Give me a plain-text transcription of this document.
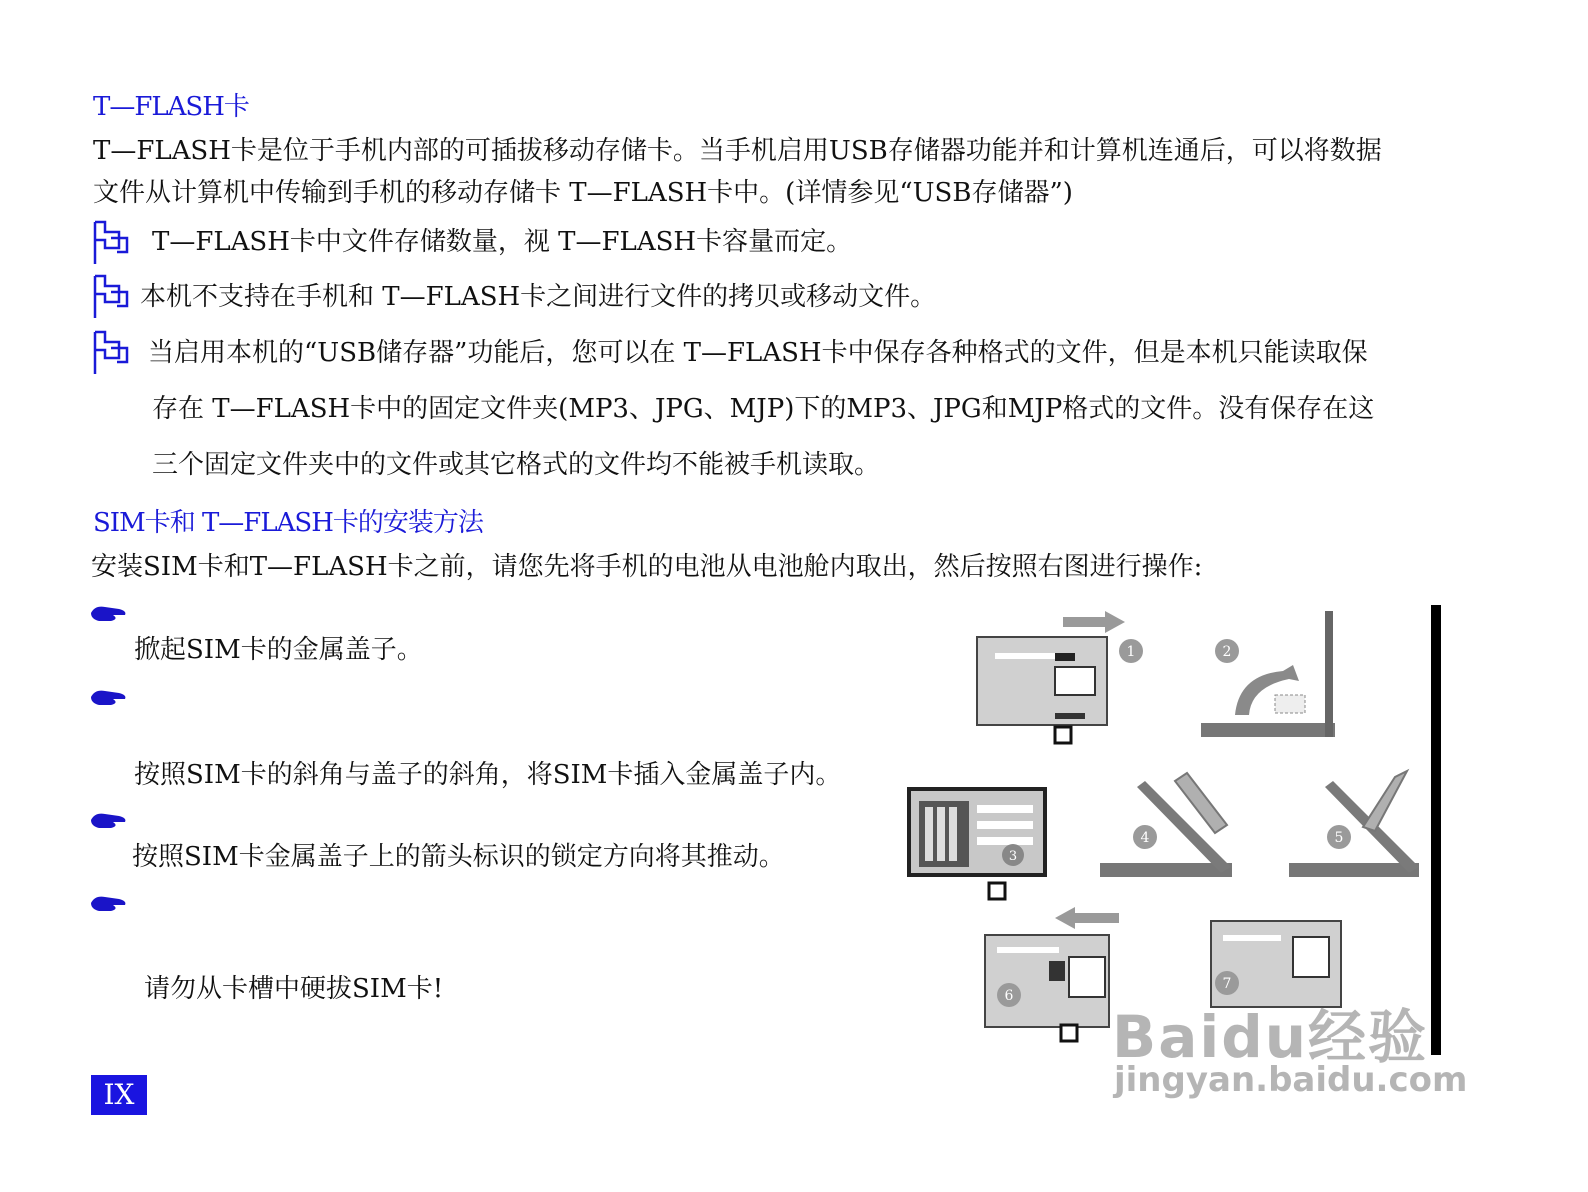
T—FLASH卡
T—FLASH卡是位于手机内部的可插拔移动存储卡。当手机启用USB存储器功能并和计算机连通后，可以将数据
文件从计算机中传输到手机的移动存储卡 T—FLASH卡中。(详情参见“USB存储器”)
T—FLASH卡中文件存储数量，视 T—FLASH卡容量而定。
本机不支持在手机和 T—FLASH卡之间进行文件的拷贝或移动文件。
当启用本机的“USB储存器”功能后，您可以在 T—FLASH卡中保存各种格式的文件，但是本机只能读取保
存在 T—FLASH卡中的固定文件夹(MP3、JPG、MJP)下的MP3、JPG和MJP格式的文件。没有保存在这
三个固定文件夹中的文件或其它格式的文件均不能被手机读取。
SIM卡和 T—FLASH卡的安装方法
安装SIM卡和T—FLASH卡之前，请您先将手机的电池从电池舱内取出，然后按照右图进行操作:
掀起SIM卡的金属盖子。
按照SIM卡的斜角与盖子的斜角，将SIM卡插入金属盖子内。
按照SIM卡金属盖子上的箭头标识的锁定方向将其推动。
请勿从卡槽中硬拔SIM卡!
1	2
3
4	5
6
7
Baidu经验
jingyan.baidu.com
IX
